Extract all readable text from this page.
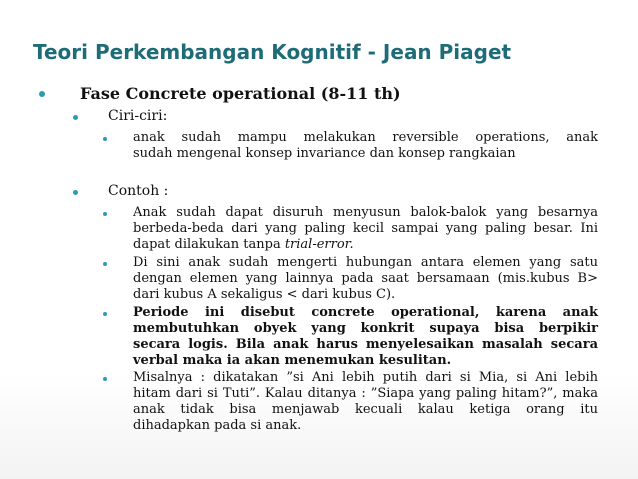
Teori Perkembangan Kognitif - Jean Piaget
Fase Concrete operational (8-11 th)
Ciri-ciri:
anak sudah mampu melakukan reversible operations, anak
sudah mengenal konsep invariance dan konsep rangkaian
Contoh :
Anak sudah dapat disuruh menyusun balok-balok yang besarnya
berbeda-beda dari yang paling kecil sampai yang paling besar. Ini
dapat dilakukan tanpa trial-error.
Di sini anak sudah mengerti hubungan antara elemen yang satu
dengan elemen yang lainnya pada saat bersamaan (mis.kubus B>
dari kubus A sekaligus < dari kubus C).
Periode ini disebut concrete operational, karena anak
membutuhkan obyek yang konkrit supaya bisa berpikir
secara logis. Bila anak harus menyelesaikan masalah secara
verbal maka ia akan menemukan kesulitan.
Misalnya : dikatakan ”si Ani lebih putih dari si Mia, si Ani lebih
hitam dari si Tuti”. Kalau ditanya : ”Siapa yang paling hitam?”, maka
anak tidak bisa menjawab kecuali kalau ketiga orang itu
dihadapkan pada si anak.
